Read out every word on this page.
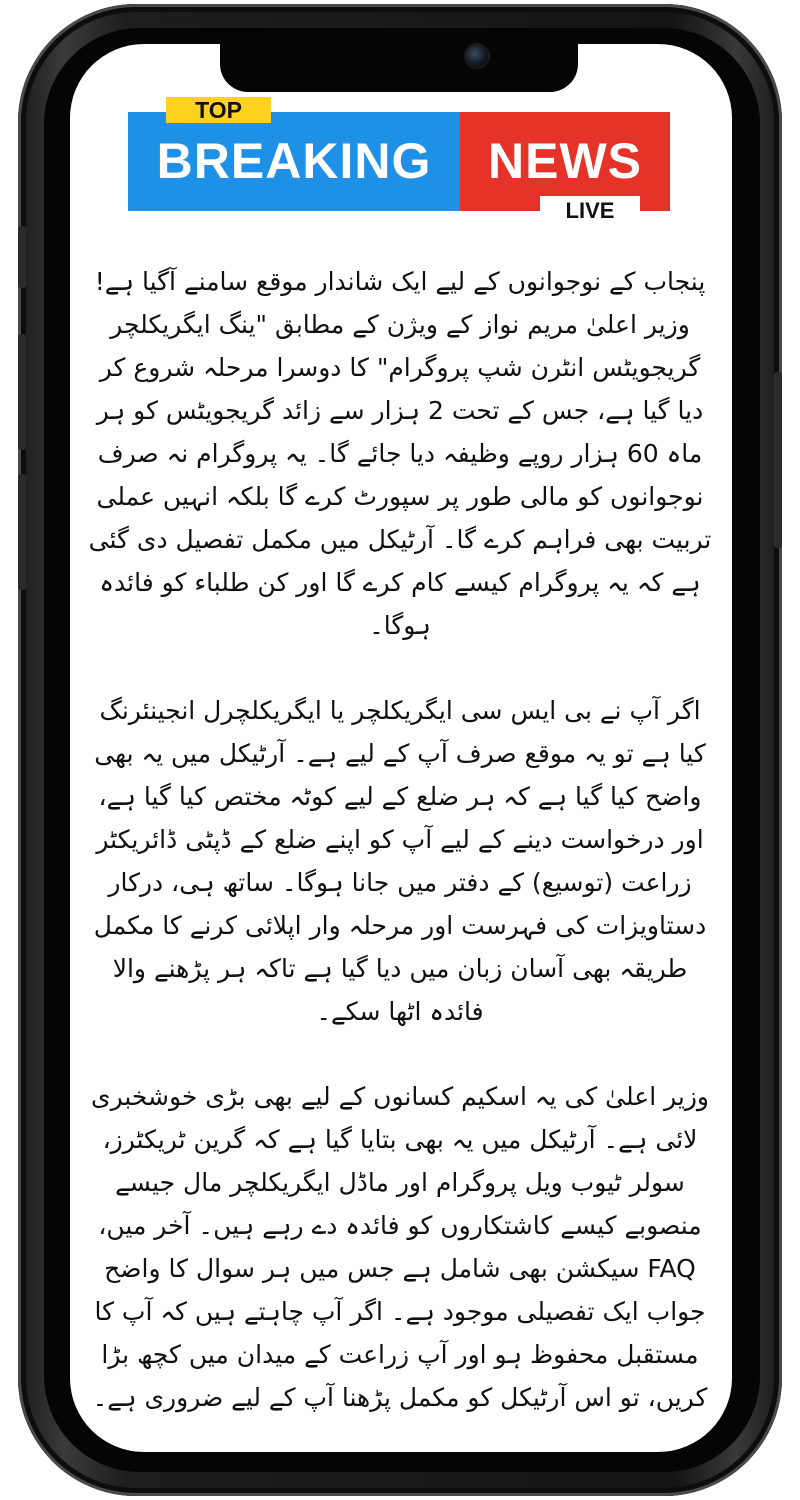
BREAKING	NEWS
TOP
LIVE

پنجاب کے نوجوانوں کے لیے ایک شاندار موقع سامنے آگیا ہے! وزیر اعلیٰ مریم نواز کے ویژن کے مطابق "ینگ ایگریکلچر گریجویٹس انٹرن شپ پروگرام" کا دوسرا مرحلہ شروع کر دیا گیا ہے، جس کے تحت 2 ہزار سے زائد گریجویٹس کو ہر ماہ 60 ہزار روپے وظیفہ دیا جائے گا۔ یہ پروگرام نہ صرف نوجوانوں کو مالی طور پر سپورٹ کرے گا بلکہ انہیں عملی تربیت بھی فراہم کرے گا۔ آرٹیکل میں مکمل تفصیل دی گئی ہے کہ یہ پروگرام کیسے کام کرے گا اور کن طلباء کو فائدہ ہوگا۔

اگر آپ نے بی ایس سی ایگریکلچر یا ایگریکلچرل انجینئرنگ کیا ہے تو یہ موقع صرف آپ کے لیے ہے۔ آرٹیکل میں یہ بھی واضح کیا گیا ہے کہ ہر ضلع کے لیے کوٹہ مختص کیا گیا ہے، اور درخواست دینے کے لیے آپ کو اپنے ضلع کے ڈپٹی ڈائریکٹر زراعت (توسیع) کے دفتر میں جانا ہوگا۔ ساتھ ہی، درکار دستاویزات کی فہرست اور مرحلہ وار اپلائی کرنے کا مکمل طریقہ بھی آسان زبان میں دیا گیا ہے تاکہ ہر پڑھنے والا فائدہ اٹھا سکے۔

وزیر اعلیٰ کی یہ اسکیم کسانوں کے لیے بھی بڑی خوشخبری لائی ہے۔ آرٹیکل میں یہ بھی بتایا گیا ہے کہ گرین ٹریکٹرز، سولر ٹیوب ویل پروگرام اور ماڈل ایگریکلچر مال جیسے منصوبے کیسے کاشتکاروں کو فائدہ دے رہے ہیں۔ آخر میں، FAQ سیکشن بھی شامل ہے جس میں ہر سوال کا واضح جواب ایک تفصیلی موجود ہے۔ اگر آپ چاہتے ہیں کہ آپ کا مستقبل محفوظ ہو اور آپ زراعت کے میدان میں کچھ بڑا کریں، تو اس آرٹیکل کو مکمل پڑھنا آپ کے لیے ضروری ہے۔
